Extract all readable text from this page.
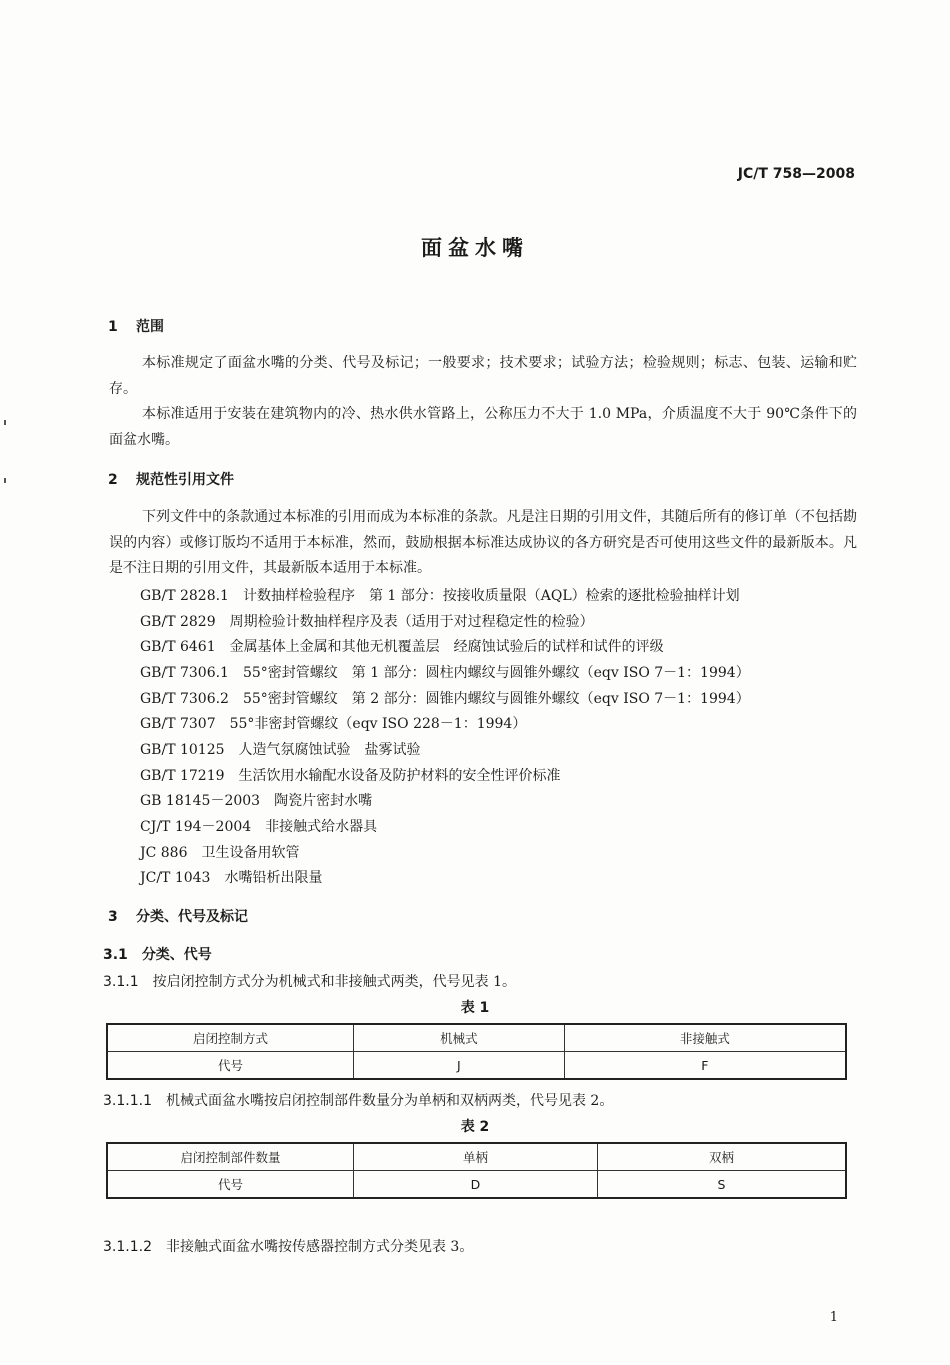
JC/T 758—2008
面盆水嘴
1 范围
本标准规定了面盆水嘴的分类、代号及标记；一般要求；技术要求；试验方法；检验规则；标志、包装、运输和贮存。
本标准适用于安装在建筑物内的冷、热水供水管路上，公称压力不大于 1.0 MPa，介质温度不大于 90℃条件下的面盆水嘴。
2 规范性引用文件
下列文件中的条款通过本标准的引用而成为本标准的条款。凡是注日期的引用文件，其随后所有的修订单（不包括勘误的内容）或修订版均不适用于本标准，然而，鼓励根据本标准达成协议的各方研究是否可使用这些文件的最新版本。凡是不注日期的引用文件，其最新版本适用于本标准。
GB/T 2828.1 计数抽样检验程序　第 1 部分：按接收质量限（AQL）检索的逐批检验抽样计划
GB/T 2829 周期检验计数抽样程序及表（适用于对过程稳定性的检验）
GB/T 6461 金属基体上金属和其他无机覆盖层　经腐蚀试验后的试样和试件的评级
GB/T 7306.1 55°密封管螺纹　第 1 部分：圆柱内螺纹与圆锥外螺纹（eqv ISO 7－1：1994）
GB/T 7306.2 55°密封管螺纹　第 2 部分：圆锥内螺纹与圆锥外螺纹（eqv ISO 7－1：1994）
GB/T 7307 55°非密封管螺纹（eqv ISO 228－1：1994）
GB/T 10125 人造气氛腐蚀试验　盐雾试验
GB/T 17219 生活饮用水输配水设备及防护材料的安全性评价标准
GB 18145－2003 陶瓷片密封水嘴
CJ/T 194－2004 非接触式给水器具
JC 886 卫生设备用软管
JC/T 1043 水嘴铅析出限量
3 分类、代号及标记
3.1 分类、代号
3.1.1 按启闭控制方式分为机械式和非接触式两类，代号见表 1。
表 1
启闭控制方式	机械式	非接触式
代号	J	F
3.1.1.1 机械式面盆水嘴按启闭控制部件数量分为单柄和双柄两类，代号见表 2。
表 2
启闭控制部件数量	单柄	双柄
代号	D	S
3.1.1.2 非接触式面盆水嘴按传感器控制方式分类见表 3。
1
